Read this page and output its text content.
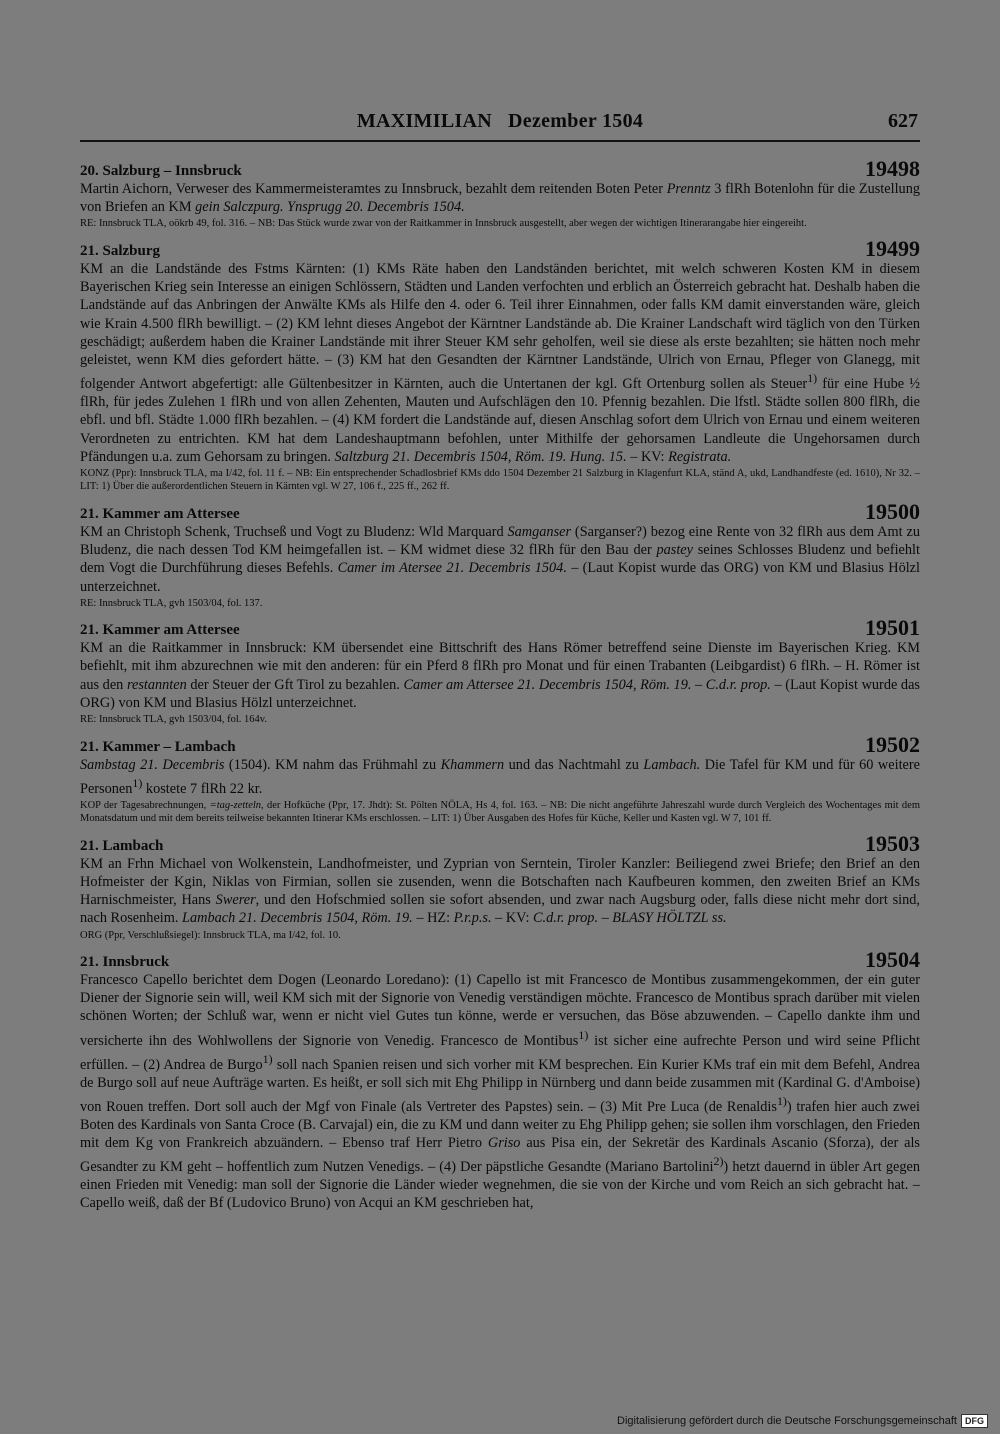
MAXIMILIAN Dezember 1504	627
20. Salzburg – Innsbruck	19498
Martin Aichorn, Verweser des Kammermeisteramtes zu Innsbruck, bezahlt dem reitenden Boten Peter Prenntz 3 flRh Botenlohn für die Zustellung von Briefen an KM gein Salczpurg. Ynsprugg 20. Decembris 1504.
RE: Innsbruck TLA, oökrb 49, fol. 316. – NB: Das Stück wurde zwar von der Raitkammer in Innsbruck ausgestellt, aber wegen der wichtigen Itinerarangabe hier eingereiht.
21. Salzburg	19499
KM an die Landstände des Fstms Kärnten: (1) KMs Räte haben den Landständen berichtet, mit welch schweren Kosten KM in diesem Bayerischen Krieg sein Interesse an einigen Schlössern, Städten und Landen verfochten und erblich an Österreich gebracht hat. Deshalb haben die Landstände auf das Anbringen der Anwälte KMs als Hilfe den 4. oder 6. Teil ihrer Einnahmen, oder falls KM damit einverstanden wäre, gleich wie Krain 4.500 flRh bewilligt. – (2) KM lehnt dieses Angebot der Kärntner Landstände ab. Die Krainer Landschaft wird täglich von den Türken geschädigt; außerdem haben die Krainer Landstände mit ihrer Steuer KM sehr geholfen, weil sie diese als erste bezahlten; sie hätten noch mehr geleistet, wenn KM dies gefordert hätte. – (3) KM hat den Gesandten der Kärntner Landstände, Ulrich von Ernau, Pfleger von Glanegg, mit folgender Antwort abgefertigt: alle Gültenbesitzer in Kärnten, auch die Untertanen der kgl. Gft Ortenburg sollen als Steuer$^{1)}$ für eine Hube ½ flRh, für jedes Zulehen 1 flRh und von allen Zehenten, Mauten und Aufschlägen den 10. Pfennig bezahlen. Die lfstl. Städte sollen 800 flRh, die ebfl. und bfl. Städte 1.000 flRh bezahlen. – (4) KM fordert die Landstände auf, diesen Anschlag sofort dem Ulrich von Ernau und einem weiteren Verordneten zu entrichten. KM hat dem Landeshauptmann befohlen, unter Mithilfe der gehorsamen Landleute die Ungehorsamen durch Pfändungen u.a. zum Gehorsam zu bringen. Saltzburg 21. Decembris 1504, Röm. 19. Hung. 15. – KV: Registrata.
KONZ (Ppr): Innsbruck TLA, ma I/42, fol. 11 f. – NB: Ein entsprechender Schadlosbrief KMs ddo 1504 Dezember 21 Salzburg in Klagenfurt KLA, ständ A, ukd, Landhandfeste (ed. 1610), Nr 32. – LIT: 1) Über die außerordentlichen Steuern in Kärnten vgl. W 27, 106 f., 225 ff., 262 ff.
21. Kammer am Attersee	19500
KM an Christoph Schenk, Truchseß und Vogt zu Bludenz: Wld Marquard Samganser (Sarganser?) bezog eine Rente von 32 flRh aus dem Amt zu Bludenz, die nach dessen Tod KM heimgefallen ist. – KM widmet diese 32 flRh für den Bau der pastey seines Schlosses Bludenz und befiehlt dem Vogt die Durchführung dieses Befehls. Camer im Atersee 21. Decembris 1504. – (Laut Kopist wurde das ORG) von KM und Blasius Hölzl unterzeichnet.
RE: Innsbruck TLA, gvh 1503/04, fol. 137.
21. Kammer am Attersee	19501
KM an die Raitkammer in Innsbruck: KM übersendet eine Bittschrift des Hans Römer betreffend seine Dienste im Bayerischen Krieg. KM befiehlt, mit ihm abzurechnen wie mit den anderen: für ein Pferd 8 flRh pro Monat und für einen Trabanten (Leibgardist) 6 flRh. – H. Römer ist aus den restannten der Steuer der Gft Tirol zu bezahlen. Camer am Attersee 21. Decembris 1504, Röm. 19. – C.d.r. prop. – (Laut Kopist wurde das ORG) von KM und Blasius Hölzl unterzeichnet.
RE: Innsbruck TLA, gvh 1503/04, fol. 164v.
21. Kammer – Lambach	19502
Sambstag 21. Decembris (1504). KM nahm das Frühmahl zu Khammern und das Nachtmahl zu Lambach. Die Tafel für KM und für 60 weitere Personen$^{1)}$ kostete 7 flRh 22 kr.
KOP der Tagesabrechnungen, =tag-zetteln, der Hofküche (Ppr, 17. Jhdt): St. Pölten NÖLA, Hs 4, fol. 163. – NB: Die nicht angeführte Jahreszahl wurde durch Vergleich des Wochentages mit dem Monatsdatum und mit dem bereits teilweise bekannten Itinerar KMs erschlossen. – LIT: 1) Über Ausgaben des Hofes für Küche, Keller und Kasten vgl. W 7, 101 ff.
21. Lambach	19503
KM an Frhn Michael von Wolkenstein, Landhofmeister, und Zyprian von Serntein, Tiroler Kanzler: Beiliegend zwei Briefe; den Brief an den Hofmeister der Kgin, Niklas von Firmian, sollen sie zusenden, wenn die Botschaften nach Kaufbeuren kommen, den zweiten Brief an KMs Harnischmeister, Hans Swerer, und den Hofschmied sollen sie sofort absenden, und zwar nach Augsburg oder, falls diese nicht mehr dort sind, nach Rosenheim. Lambach 21. Decembris 1504, Röm. 19. – HZ: P.r.p.s. – KV: C.d.r. prop. – BLASY HÖLTZL ss.
ORG (Ppr, Verschlußsiegel): Innsbruck TLA, ma I/42, fol. 10.
21. Innsbruck	19504
Francesco Capello berichtet dem Dogen (Leonardo Loredano): (1) Capello ist mit Francesco de Montibus zusammengekommen, der ein guter Diener der Signorie sein will, weil KM sich mit der Signorie von Venedig verständigen möchte. Francesco de Montibus sprach darüber mit vielen schönen Worten; der Schluß war, wenn er nicht viel Gutes tun könne, werde er versuchen, das Böse abzuwenden. – Capello dankte ihm und versicherte ihn des Wohlwollens der Signorie von Venedig. Francesco de Montibus$^{1)}$ ist sicher eine aufrechte Person und wird seine Pflicht erfüllen. – (2) Andrea de Burgo$^{1)}$ soll nach Spanien reisen und sich vorher mit KM besprechen. Ein Kurier KMs traf ein mit dem Befehl, Andrea de Burgo soll auf neue Aufträge warten. Es heißt, er soll sich mit Ehg Philipp in Nürnberg und dann beide zusammen mit (Kardinal G. d'Amboise) von Rouen treffen. Dort soll auch der Mgf von Finale (als Vertreter des Papstes) sein. – (3) Mit Pre Luca (de Renaldis$^{1)}$) trafen hier auch zwei Boten des Kardinals von Santa Croce (B. Carvajal) ein, die zu KM und dann weiter zu Ehg Philipp gehen; sie sollen ihm vorschlagen, den Frieden mit dem Kg von Frankreich abzuändern. – Ebenso traf Herr Pietro Griso aus Pisa ein, der Sekretär des Kardinals Ascanio (Sforza), der als Gesandter zu KM geht – hoffentlich zum Nutzen Venedigs. – (4) Der päpstliche Gesandte (Mariano Bartolini$^{2)}$) hetzt dauernd in übler Art gegen einen Frieden mit Venedig: man soll der Signorie die Länder wieder wegnehmen, die sie von der Kirche und vom Reich an sich gebracht hat. – Capello weiß, daß der Bf (Ludovico Bruno) von Acqui an KM geschrieben hat,
Digitalisierung gefördert durch die Deutsche Forschungsgemeinschaft DFG
